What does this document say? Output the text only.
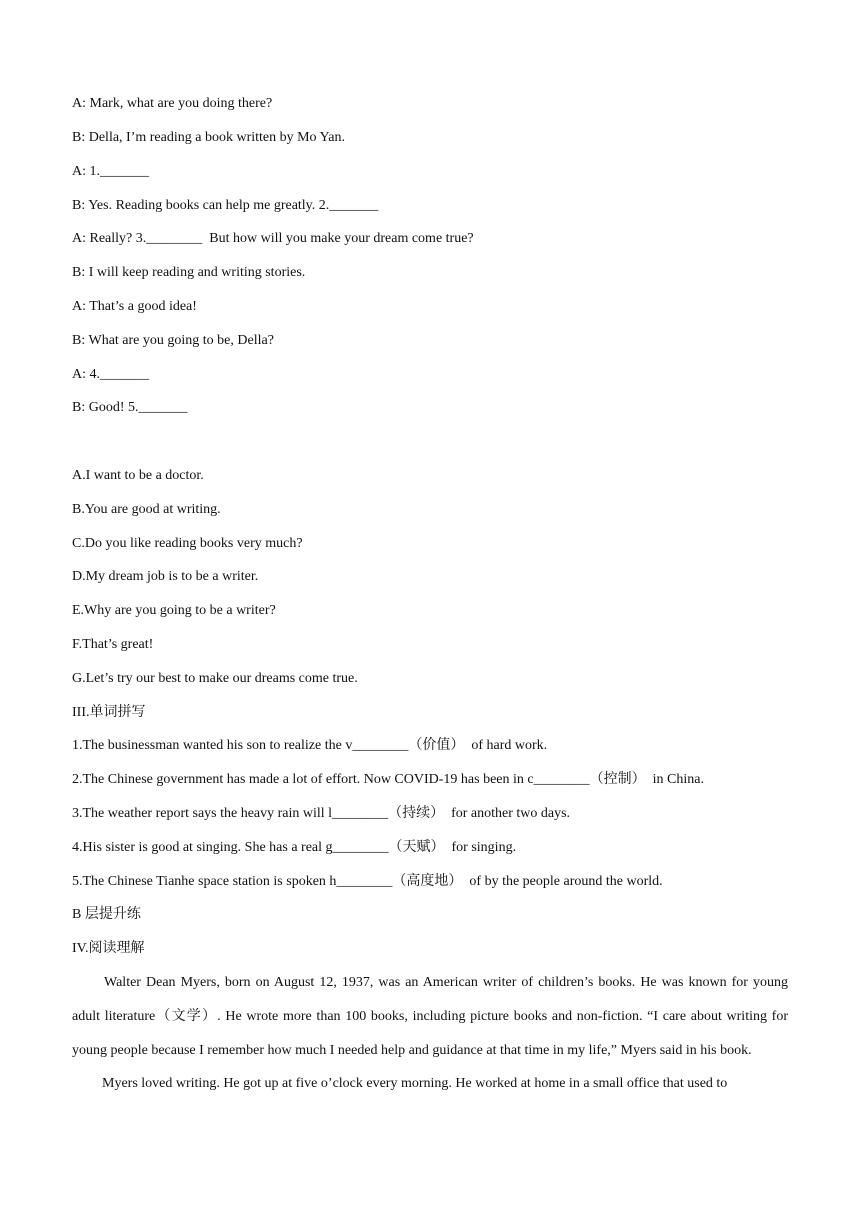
A: Mark, what are you doing there?
B: Della, I’m reading a book written by Mo Yan.
A: 1._______
B: Yes. Reading books can help me greatly. 2._______
A: Really? 3.________  But how will you make your dream come true?
B: I will keep reading and writing stories.
A: That’s a good idea!
B: What are you going to be, Della?
A: 4._______
B: Good! 5._______
A.I want to be a doctor.
B.You are good at writing.
C.Do you like reading books very much?
D.My dream job is to be a writer.
E.Why are you going to be a writer?
F.That’s great!
G.Let’s try our best to make our dreams come true.
III.单词拼写
1.The businessman wanted his son to realize the v________（价值）  of hard work.
2.The Chinese government has made a lot of effort. Now COVID-19 has been in c________（控制）  in China.
3.The weather report says the heavy rain will l________（持续）  for another two days.
4.His sister is good at singing. She has a real g________（天赋）  for singing.
5.The Chinese Tianhe space station is spoken h________（高度地）  of by the people around the world.
B 层提升练
IV.阅读理解

Walter Dean Myers, born on August 12, 1937, was an American writer of children’s books. He was known for young adult literature（文学）. He wrote more than 100 books, including picture books and non-fiction. “I care about writing for young people because I remember how much I needed help and guidance at that time in my life,” Myers said in his book.

Myers loved writing. He got up at five o’clock every morning. He worked at home in a small office that used to
